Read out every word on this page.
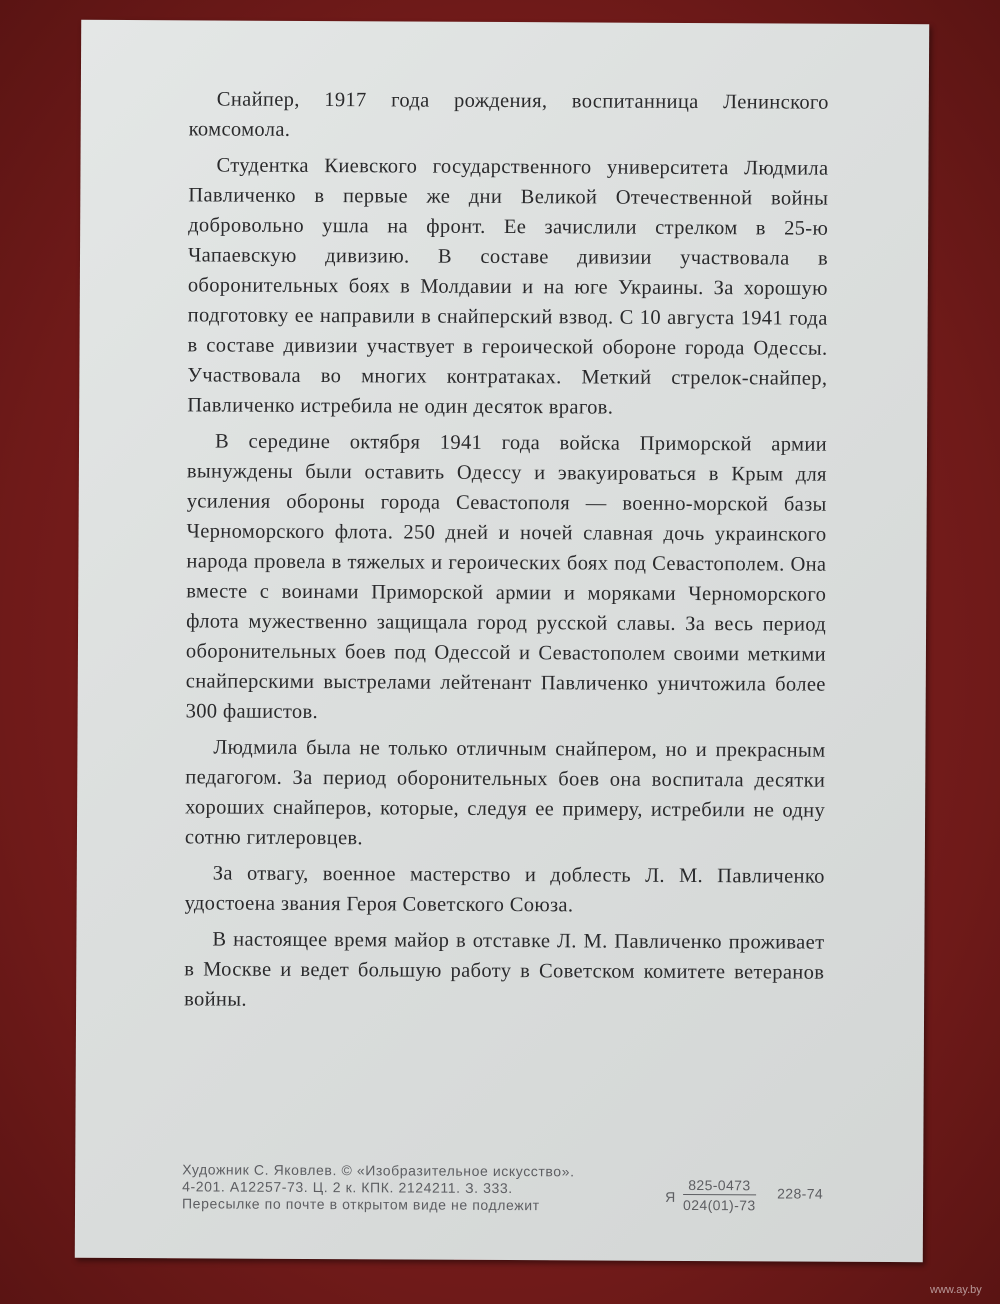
Снайпер, 1917 года рождения, воспитанница Ленинского комсомола.

Студентка Киевского государственного университета Людмила Павличенко в первые же дни Великой Отечественной войны добровольно ушла на фронт. Ее зачислили стрелком в 25-ю Чапаевскую дивизию. В составе дивизии участвовала в оборонительных боях в Молдавии и на юге Украины. За хорошую подготовку ее направили в снайперский взвод. С 10 августа 1941 года в составе дивизии участвует в героической обороне города Одессы. Участвовала во многих контратаках. Меткий стрелок-снайпер, Павличенко истребила не один десяток врагов.

В середине октября 1941 года войска Приморской армии вынуждены были оставить Одессу и эвакуироваться в Крым для усиления обороны города Севастополя — военно-морской базы Черноморского флота. 250 дней и ночей славная дочь украинского народа провела в тяжелых и героических боях под Севастополем. Она вместе с воинами Приморской армии и моряками Черноморского флота мужественно защищала город русской славы. За весь период оборонительных боев под Одессой и Севастополем своими меткими снайперскими выстрелами лейтенант Павличенко уничтожила более 300 фашистов.

Людмила была не только отличным снайпером, но и прекрасным педагогом. За период оборонительных боев она воспитала десятки хороших снайперов, которые, следуя ее примеру, истребили не одну сотню гитлеровцев.

За отвагу, военное мастерство и доблесть Л. М. Павличенко удостоена звания Героя Советского Союза.

В настоящее время майор в отставке Л. М. Павличенко проживает в Москве и ведет большую работу в Советском комитете ветеранов войны.

Художник С. Яковлев. © «Изобразительное искусство».
4-201. А12257-73. Ц. 2 к. КПК. 2124211. З. 333.
Пересылке по почте в открытом виде не подлежит	Я $\frac{825-0473}{024(01)-73} 228-74$
www.ay.by
